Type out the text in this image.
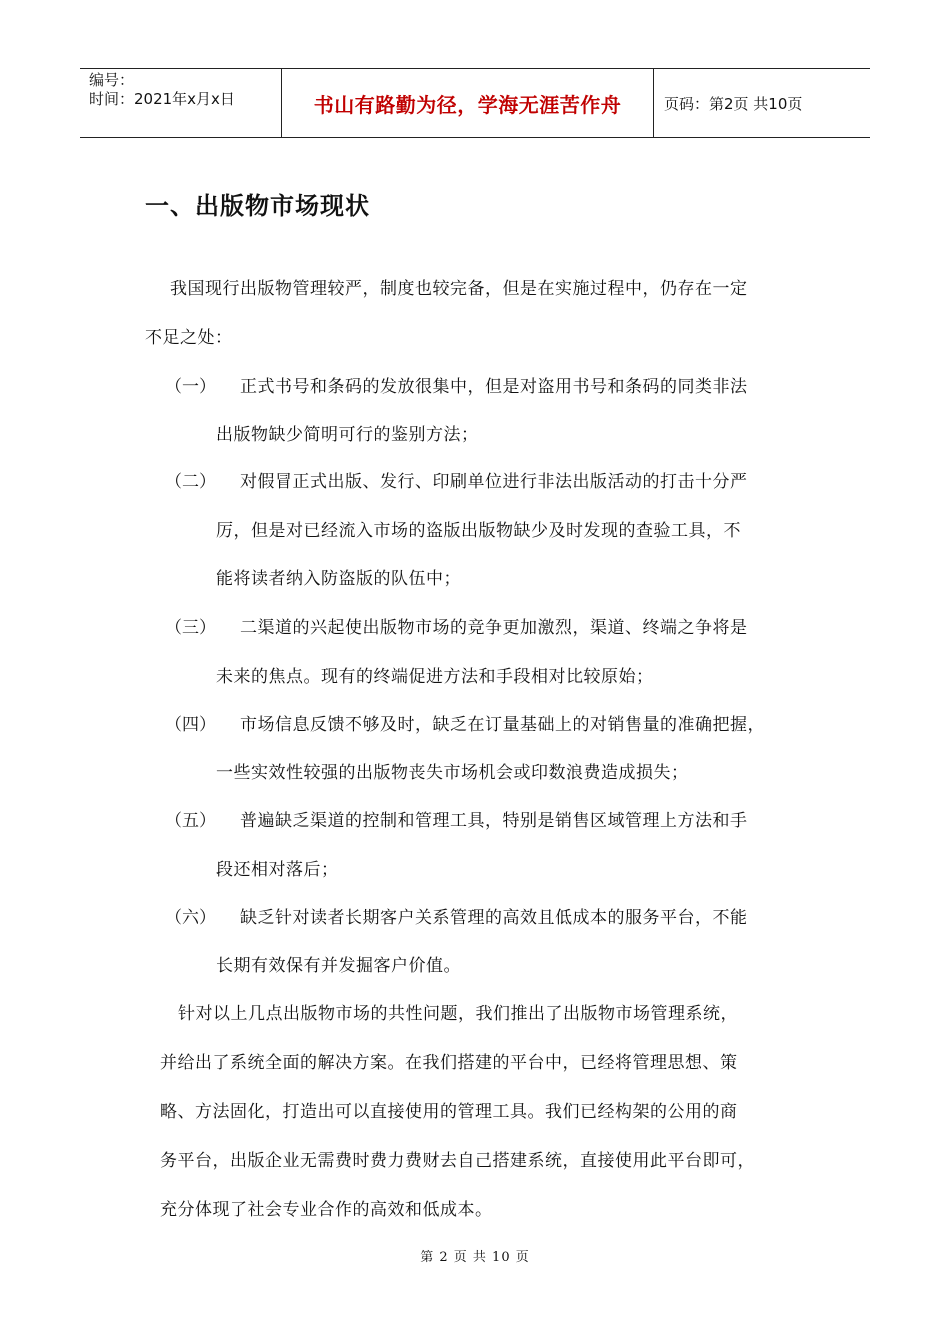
编号：
时间：2021年x月x日	书山有路勤为径，学海无涯苦作舟	页码：第2页 共10页
一、出版物市场现状

我国现行出版物管理较严，制度也较完备，但是在实施过程中，仍存在一定

不足之处：

（一） 正式书号和条码的发放很集中，但是对盗用书号和条码的同类非法

出版物缺少简明可行的鉴别方法；

（二） 对假冒正式出版、发行、印刷单位进行非法出版活动的打击十分严

厉，但是对已经流入市场的盗版出版物缺少及时发现的查验工具，不

能将读者纳入防盗版的队伍中；

（三） 二渠道的兴起使出版物市场的竞争更加激烈，渠道、终端之争将是

未来的焦点。现有的终端促进方法和手段相对比较原始；

（四） 市场信息反馈不够及时，缺乏在订量基础上的对销售量的准确把握，

一些实效性较强的出版物丧失市场机会或印数浪费造成损失；

（五） 普遍缺乏渠道的控制和管理工具，特别是销售区域管理上方法和手

段还相对落后；

（六） 缺乏针对读者长期客户关系管理的高效且低成本的服务平台，不能

长期有效保有并发掘客户价值。

针对以上几点出版物市场的共性问题，我们推出了出版物市场管理系统，

并给出了系统全面的解决方案。在我们搭建的平台中，已经将管理思想、策

略、方法固化，打造出可以直接使用的管理工具。我们已经构架的公用的商

务平台，出版企业无需费时费力费财去自己搭建系统，直接使用此平台即可，

充分体现了社会专业合作的高效和低成本。

第 2 页 共 10 页
